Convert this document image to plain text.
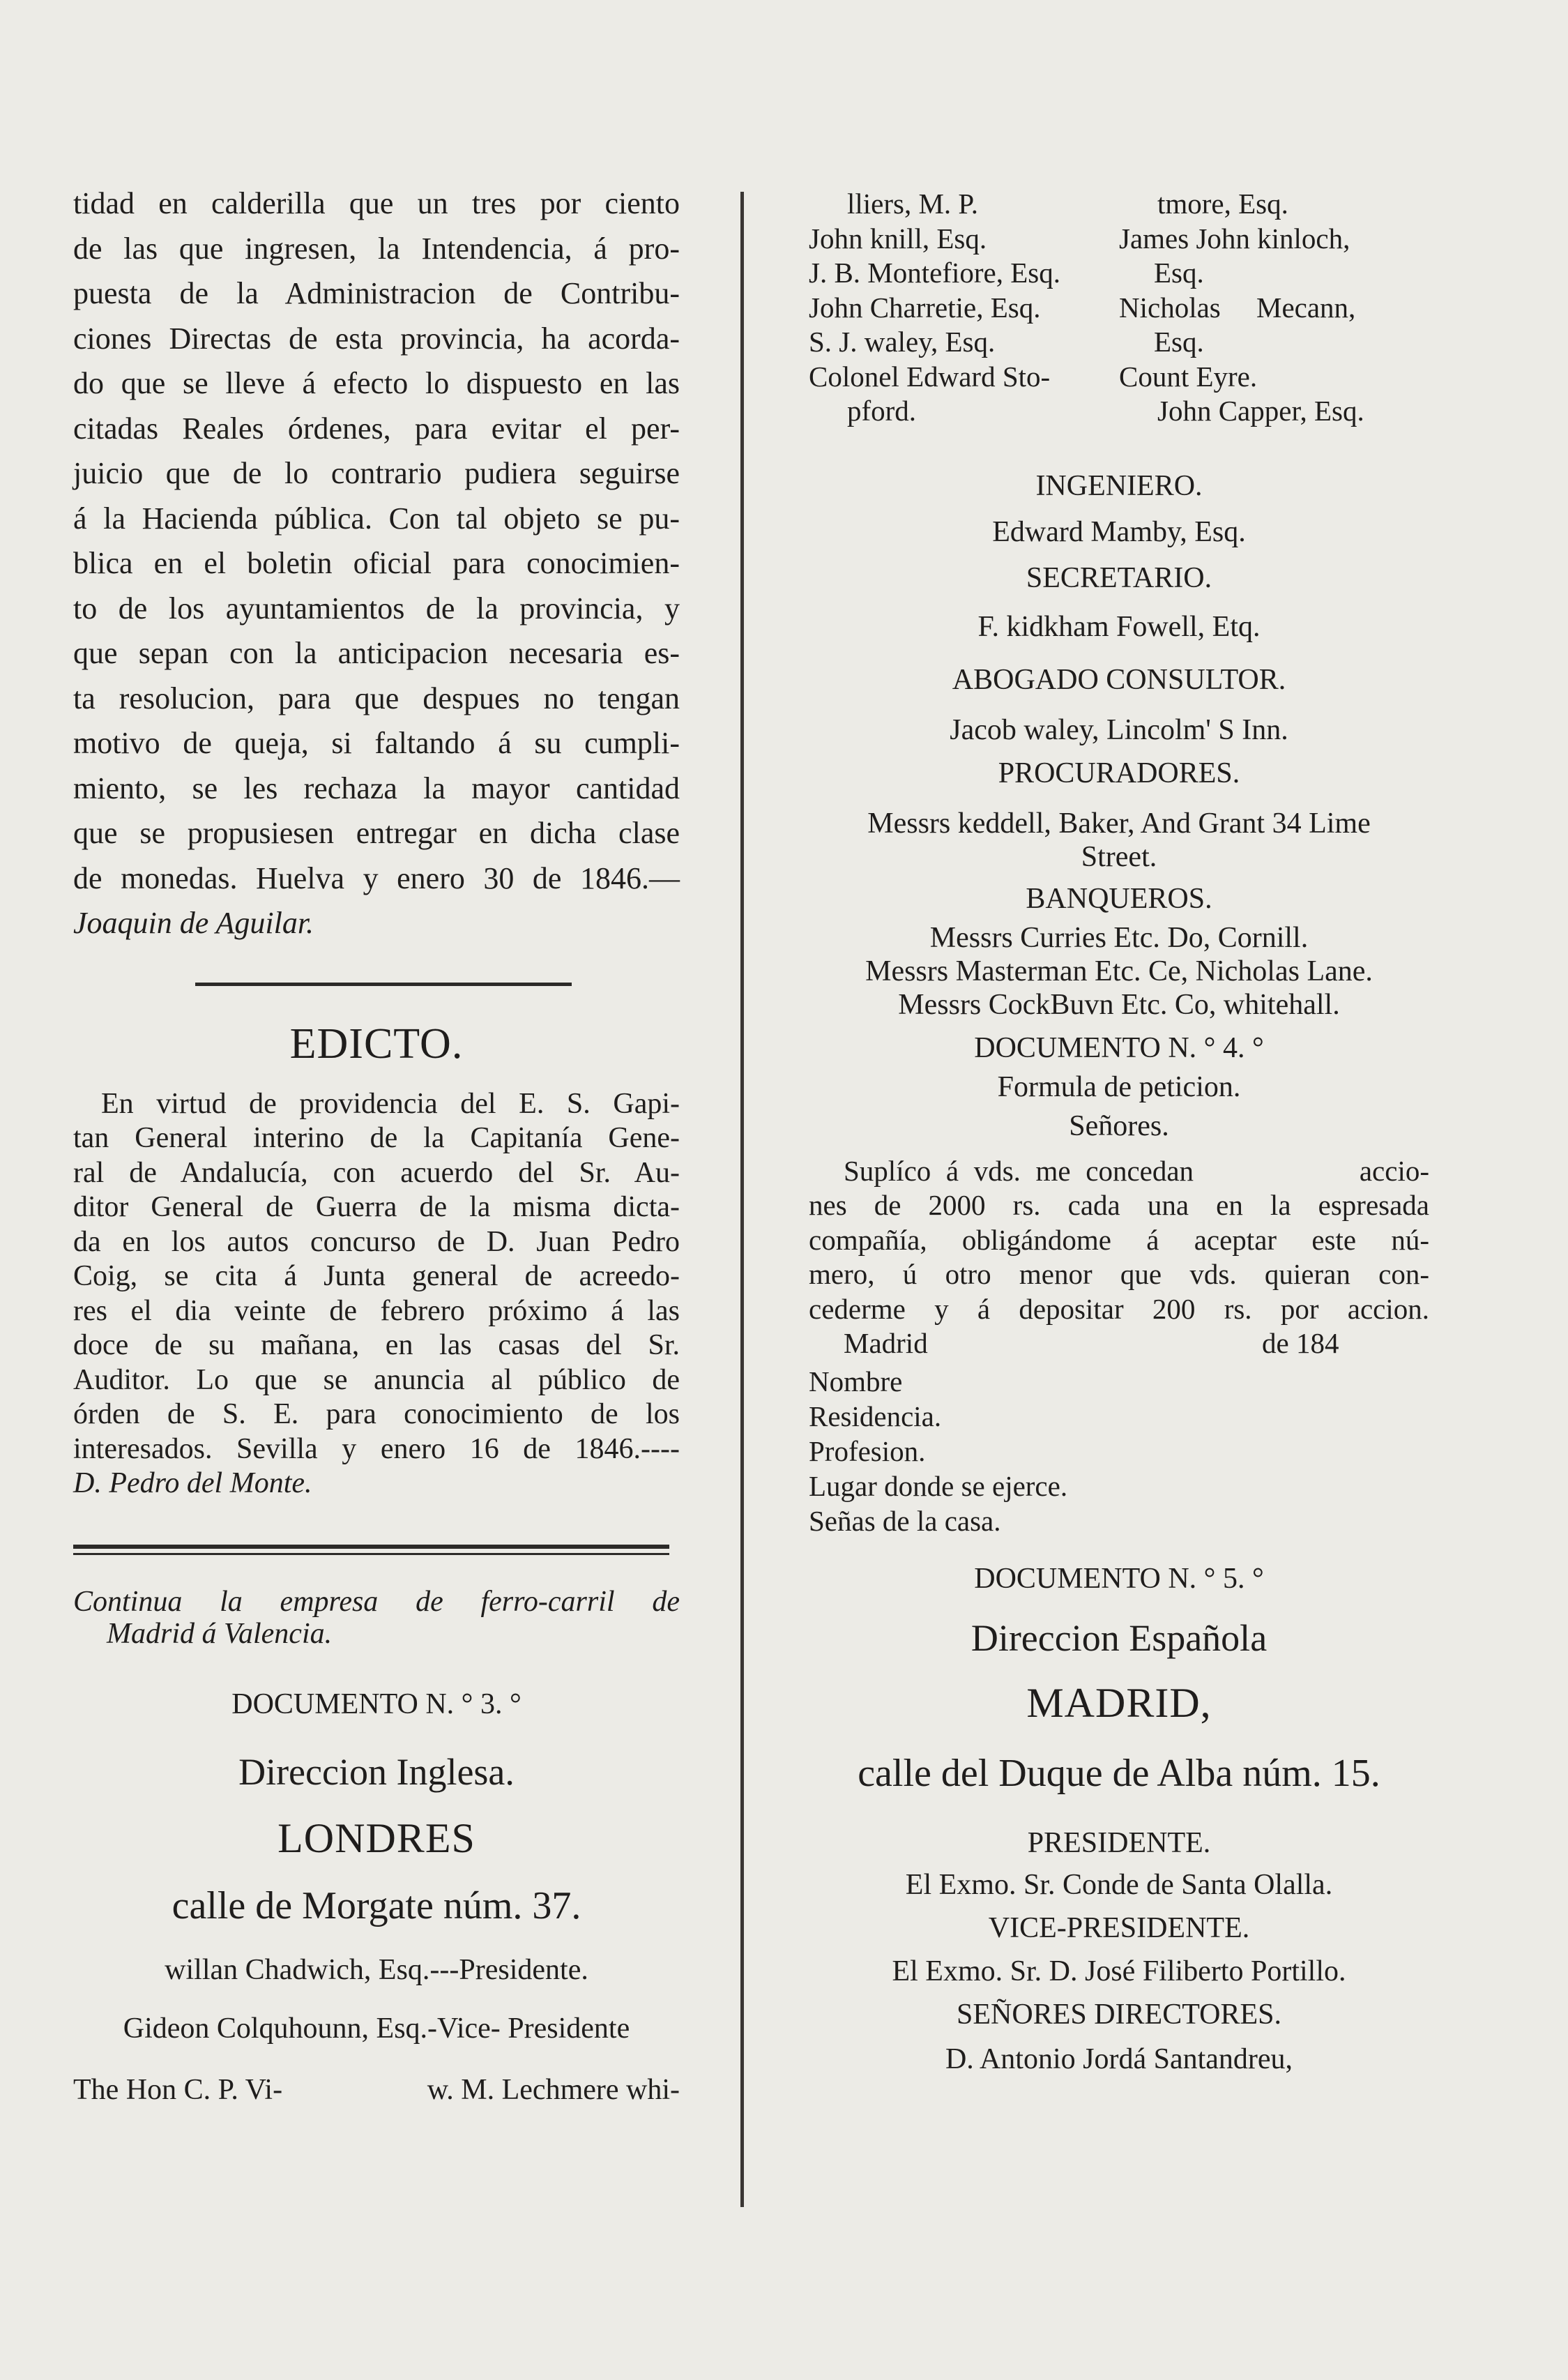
tidad en calderilla que un tres por ciento
de las que ingresen, la Intendencia, á pro-
puesta de la Administracion de Contribu-
ciones Directas de esta provincia, ha acorda-
do que se lleve á efecto lo dispuesto en las
citadas Reales órdenes, para evitar el per-
juicio que de lo contrario pudiera seguirse
á la Hacienda pública. Con tal objeto se pu-
blica en el boletin oficial para conocimien-
to de los ayuntamientos de la provincia, y
que sepan con la anticipacion necesaria es-
ta resolucion, para que despues no tengan
motivo de queja, si faltando á su cumpli-
miento, se les rechaza la mayor cantidad
que se propusiesen entregar en dicha clase
de monedas. Huelva y enero 30 de 1846.—
Joaquin de Aguilar.

EDICTO.

En virtud de providencia del E. S. Gapi-
tan General interino de la Capitanía Gene-
ral de Andalucía, con acuerdo del Sr. Au-
ditor General de Guerra de la misma dicta-
da en los autos concurso de D. Juan Pedro
Coig, se cita á Junta general de acreedo-
res el dia veinte de febrero próximo á las
doce de su mañana, en las casas del Sr.
Auditor. Lo que se anuncia al público de
órden de S. E. para conocimiento de los
interesados. Sevilla y enero 16 de 1846.----
D. Pedro del Monte.

Continua la empresa de ferro-carril de
Madrid á Valencia.
DOCUMENTO N. ° 3. °
Direccion Inglesa.
LONDRES
calle de Morgate núm. 37.
willan Chadwich, Esq.---Presidente.
Gideon Colquhounn, Esq.-Vice- Presidente
The Hon C. P. Vi-	w. M. Lechmere whi-
lliers, M. P.	tmore, Esq.
John knill, Esq.	James John kinloch,
J. B. Montefiore, Esq.	Esq.
John Charretie, Esq.	Nicholas     Mecann,
S. J. waley, Esq.	Esq.
Colonel Edward Sto-	Count Eyre.
pford.	John Capper, Esq.
INGENIERO.
Edward Mamby, Esq.
SECRETARIO.
F. kidkham Fowell, Etq.
ABOGADO CONSULTOR.
Jacob waley, Lincolm' S Inn.
PROCURADORES.
Messrs keddell, Baker, And Grant 34 Lime
Street.
BANQUEROS.
Messrs Curries Etc. Do, Cornill.
Messrs Masterman Etc. Ce, Nicholas Lane.
Messrs CockBuvn Etc. Co, whitehall.
DOCUMENTO N. ° 4. °
Formula de peticion.
Señores.

Suplíco á vds. me concedan           accio-
nes de 2000 rs. cada una en la espresada
compañía, obligándome á aceptar este nú-
mero, ú otro menor que vds. quieran con-
cederme y á depositar 200 rs. por accion.

Madrid	de 184
Nombre
Residencia.
Profesion.
Lugar donde se ejerce.
Señas de la casa.
DOCUMENTO N. ° 5. °
Direccion Española
MADRID,
calle del Duque de Alba núm. 15.
PRESIDENTE.
El Exmo. Sr. Conde de Santa Olalla.
VICE-PRESIDENTE.
El Exmo. Sr. D. José Filiberto Portillo.
SEÑORES DIRECTORES.
D. Antonio Jordá Santandreu,
